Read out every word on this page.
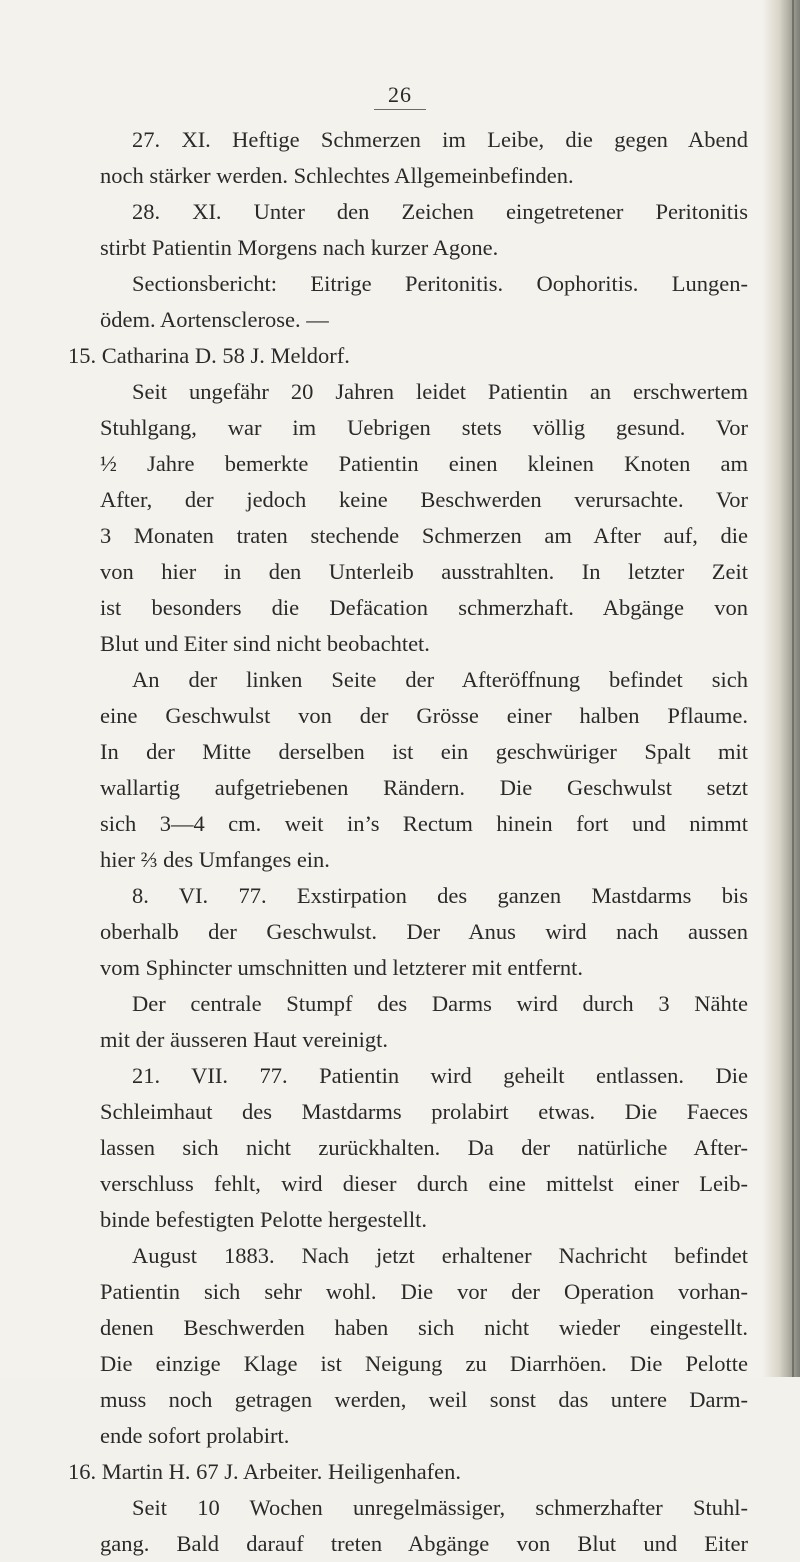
26
27. XI. Heftige Schmerzen im Leibe, die gegen Abend
noch stärker werden. Schlechtes Allgemeinbefinden.
28. XI. Unter den Zeichen eingetretener Peritonitis
stirbt Patientin Morgens nach kurzer Agone.
Sectionsbericht: Eitrige Peritonitis. Oophoritis. Lungen-
ödem. Aortensclerose. —
15. Catharina D. 58 J. Meldorf.
Seit ungefähr 20 Jahren leidet Patientin an erschwertem
Stuhlgang, war im Uebrigen stets völlig gesund. Vor
½ Jahre bemerkte Patientin einen kleinen Knoten am
After, der jedoch keine Beschwerden verursachte. Vor
3 Monaten traten stechende Schmerzen am After auf, die
von hier in den Unterleib ausstrahlten. In letzter Zeit
ist besonders die Defäcation schmerzhaft. Abgänge von
Blut und Eiter sind nicht beobachtet.
An der linken Seite der Afteröffnung befindet sich
eine Geschwulst von der Grösse einer halben Pflaume.
In der Mitte derselben ist ein geschwüriger Spalt mit
wallartig aufgetriebenen Rändern. Die Geschwulst setzt
sich 3—4 cm. weit in’s Rectum hinein fort und nimmt
hier ⅔ des Umfanges ein.
8. VI. 77. Exstirpation des ganzen Mastdarms bis
oberhalb der Geschwulst. Der Anus wird nach aussen
vom Sphincter umschnitten und letzterer mit entfernt.
Der centrale Stumpf des Darms wird durch 3 Nähte
mit der äusseren Haut vereinigt.
21. VII. 77. Patientin wird geheilt entlassen. Die
Schleimhaut des Mastdarms prolabirt etwas. Die Faeces
lassen sich nicht zurückhalten. Da der natürliche After-
verschluss fehlt, wird dieser durch eine mittelst einer Leib-
binde befestigten Pelotte hergestellt.
August 1883. Nach jetzt erhaltener Nachricht befindet
Patientin sich sehr wohl. Die vor der Operation vorhan-
denen Beschwerden haben sich nicht wieder eingestellt.
Die einzige Klage ist Neigung zu Diarrhöen. Die Pelotte
muss noch getragen werden, weil sonst das untere Darm-
ende sofort prolabirt.
16. Martin H. 67 J. Arbeiter. Heiligenhafen.
Seit 10 Wochen unregelmässiger, schmerzhafter Stuhl-
gang. Bald darauf treten Abgänge von Blut und Eiter
